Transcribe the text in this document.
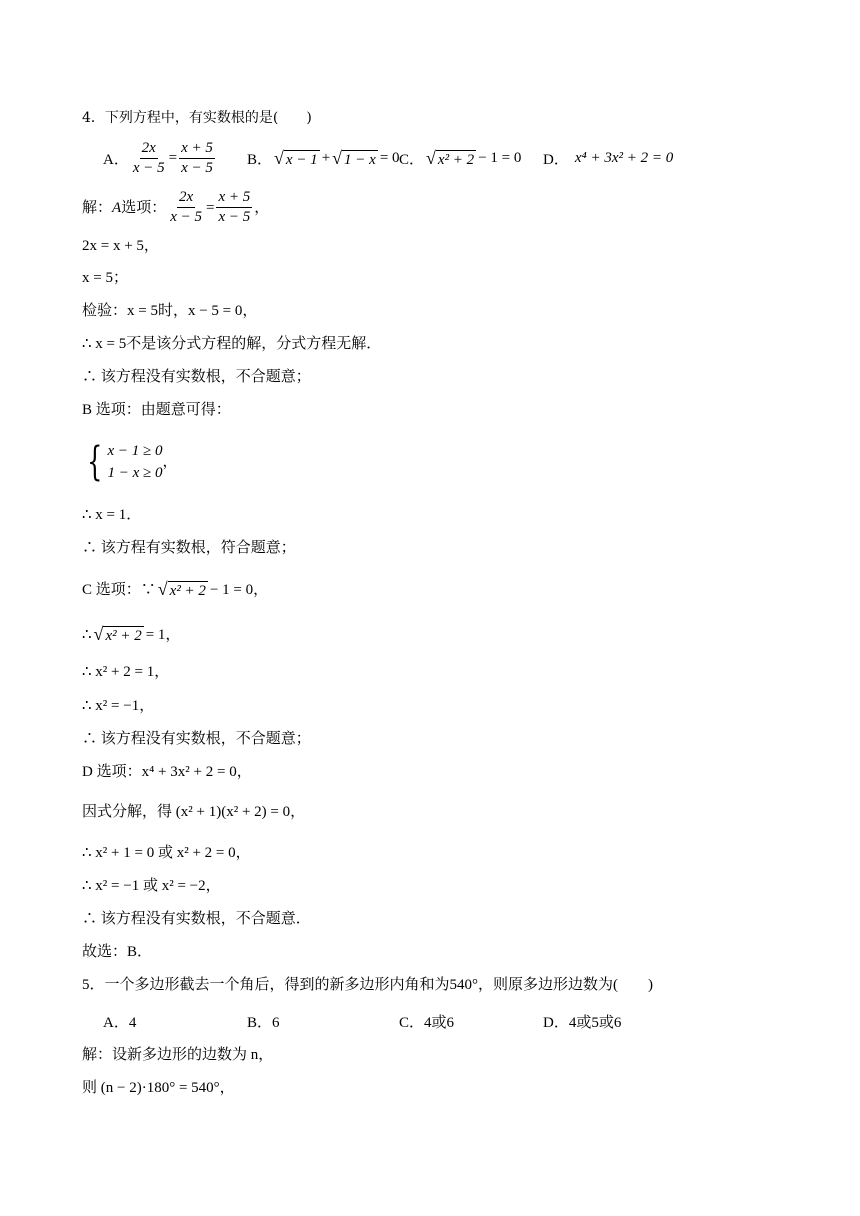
4．下列方程中，有实数根的是(　　)
A． $\frac{2x}{x - 5} = \frac{x + 5}{x - 5}$ B． √ x − 1 + √ 1 − x = 0 C． √ x² + 2 − 1 = 0 D． x⁴ + 3x² + 2 = 0
解： A 选项： $\frac{2x}{x - 5} = \frac{x + 5}{x - 5}$ ，
2x = x + 5，
x = 5；
检验：x = 5时，x − 5 = 0，
∴ x = 5不是该分式方程的解，分式方程无解．
∴ 该方程没有实数根，不合题意；
B 选项：由题意可得：
{ x − 1 ≥ 0
1 − x ≥ 0
，
∴ x = 1．
∴ 该方程有实数根，符合题意；
C 选项：∵ √ x² + 2 − 1 = 0，
∴ √ x² + 2 = 1，
∴ x² + 2 = 1，
∴ x² = −1，
∴ 该方程没有实数根，不合题意；
D 选项：x⁴ + 3x² + 2 = 0，
因式分解，得 (x² + 1)(x² + 2) = 0，
∴ x² + 1 = 0 或 x² + 2 = 0，
∴ x² = −1 或 x² = −2，
∴ 该方程没有实数根，不合题意．
故选：B．
5．一个多边形截去一个角后，得到的新多边形内角和为540°，则原多边形边数为(　　)
A．4	B．6	C．4或6	D．4或5或6
解：设新多边形的边数为 n，
则 (n − 2)·180° = 540°，
